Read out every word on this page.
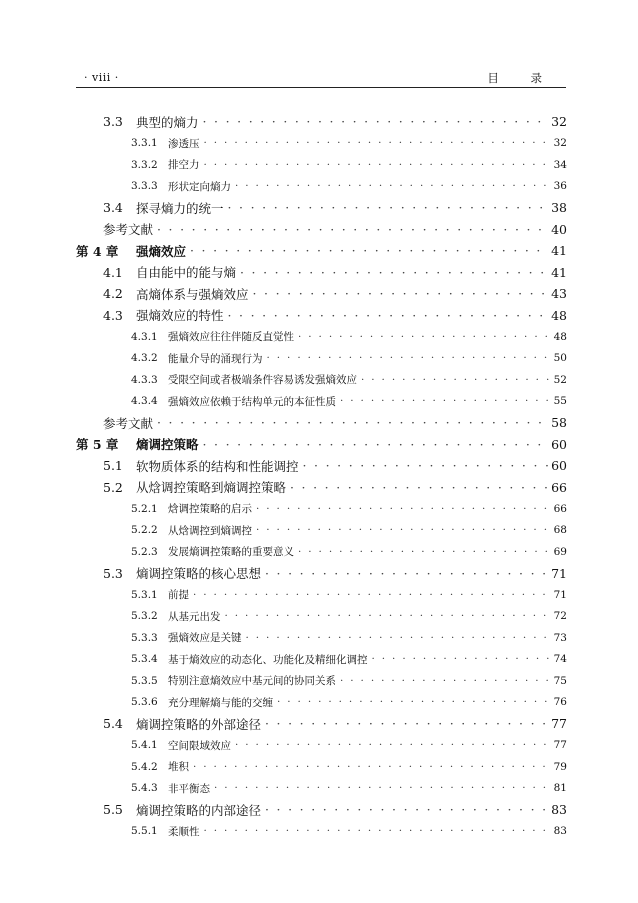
· viii ·	目 录
3.3 典型的熵力 · · ·	32
3.3.1 渗透压 · · ·	32
3.3.2 排空力 · · ·	34
3.3.3 形状定向熵力 · · ·	36
3.4 探寻熵力的统一 · · ·	38
参考文献 · · ·	40
第 4 章 强熵效应 · · ·	41
4.1 自由能中的能与熵 · · ·	41
4.2 高熵体系与强熵效应 · · ·	43
4.3 强熵效应的特性 · · ·	48
4.3.1 强熵效应往往伴随反直觉性 · · ·	48
4.3.2 能量介导的涌现行为 · · ·	50
4.3.3 受限空间或者极端条件容易诱发强熵效应 · · ·	52
4.3.4 强熵效应依赖于结构单元的本征性质 · · ·	55
参考文献 · · ·	58
第 5 章 熵调控策略 · · ·	60
5.1 软物质体系的结构和性能调控 · · ·	60
5.2 从焓调控策略到熵调控策略 · · ·	66
5.2.1 焓调控策略的启示 · · ·	66
5.2.2 从焓调控到熵调控 · · ·	68
5.2.3 发展熵调控策略的重要意义 · · ·	69
5.3 熵调控策略的核心思想 · · ·	71
5.3.1 前提 · · ·	71
5.3.2 从基元出发 · · ·	72
5.3.3 强熵效应是关键 · · ·	73
5.3.4 基于熵效应的动态化、功能化及精细化调控 · · ·	74
5.3.5 特别注意熵效应中基元间的协同关系 · · ·	75
5.3.6 充分理解熵与能的交缠 · · ·	76
5.4 熵调控策略的外部途径 · · ·	77
5.4.1 空间限域效应 · · ·	77
5.4.2 堆积 · · ·	79
5.4.3 非平衡态 · · ·	81
5.5 熵调控策略的内部途径 · · ·	83
5.5.1 柔顺性 · · ·	83
